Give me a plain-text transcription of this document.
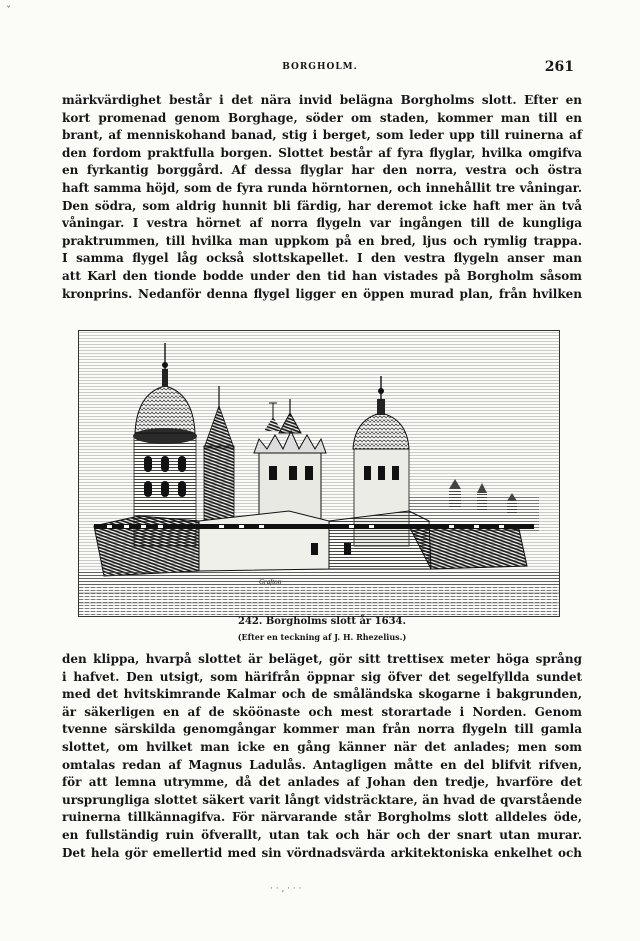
ˇ
BORGHOLM.	261

märkvärdighet består i det nära invid belägna Borgholms slott. Efter en

kort promenad genom Borghage, söder om staden, kommer man till en

brant, af menniskohand banad, stig i berget, som leder upp till ruinerna af

den fordom praktfulla borgen. Slottet består af fyra flyglar, hvilka omgifva

en fyrkantig borggård. Af dessa flyglar har den norra, vestra och östra

haft samma höjd, som de fyra runda hörntornen, och innehållit tre våningar.

Den södra, som aldrig hunnit bli färdig, har deremot icke haft mer än två

våningar. I vestra hörnet af norra flygeln var ingången till de kungliga

praktrummen, till hvilka man uppkom på en bred, ljus och rymlig trappa.

I samma flygel låg också slottskapellet. I den vestra flygeln anser man

att Karl den tionde bodde under den tid han vistades på Borgholm såsom

kronprins. Nedanför denna flygel ligger en öppen murad plan, från hvilken

Grafton
242. Borgholms slott år 1634.
(Efter en teckning af J. H. Rhezelius.)

den klippa, hvarpå slottet är beläget, gör sitt trettisex meter höga språng

i hafvet. Den utsigt, som härifrån öppnar sig öfver det segelfyllda sundet

med det hvitskimrande Kalmar och de småländska skogarne i bakgrunden,

är säkerligen en af de sköönaste och mest storartade i Norden. Genom

tvenne särskilda genomgångar kommer man från norra flygeln till gamla

slottet, om hvilket man icke en gång känner när det anlades; men som

omtalas redan af Magnus Ladulås. Antagligen måtte en del blifvit rifven,

för att lemna utrymme, då det anlades af Johan den tredje, hvarföre det

ursprungliga slottet säkert varit långt vidsträcktare, än hvad de qvarstående

ruinerna tillkännagifva. För närvarande står Borgholms slott alldeles öde,

en fullständig ruin öfverallt, utan tak och här och der snart utan murar.

Det hela gör emellertid med sin vördnadsvärda arkitektoniska enkelhet och

· · , · · ·
